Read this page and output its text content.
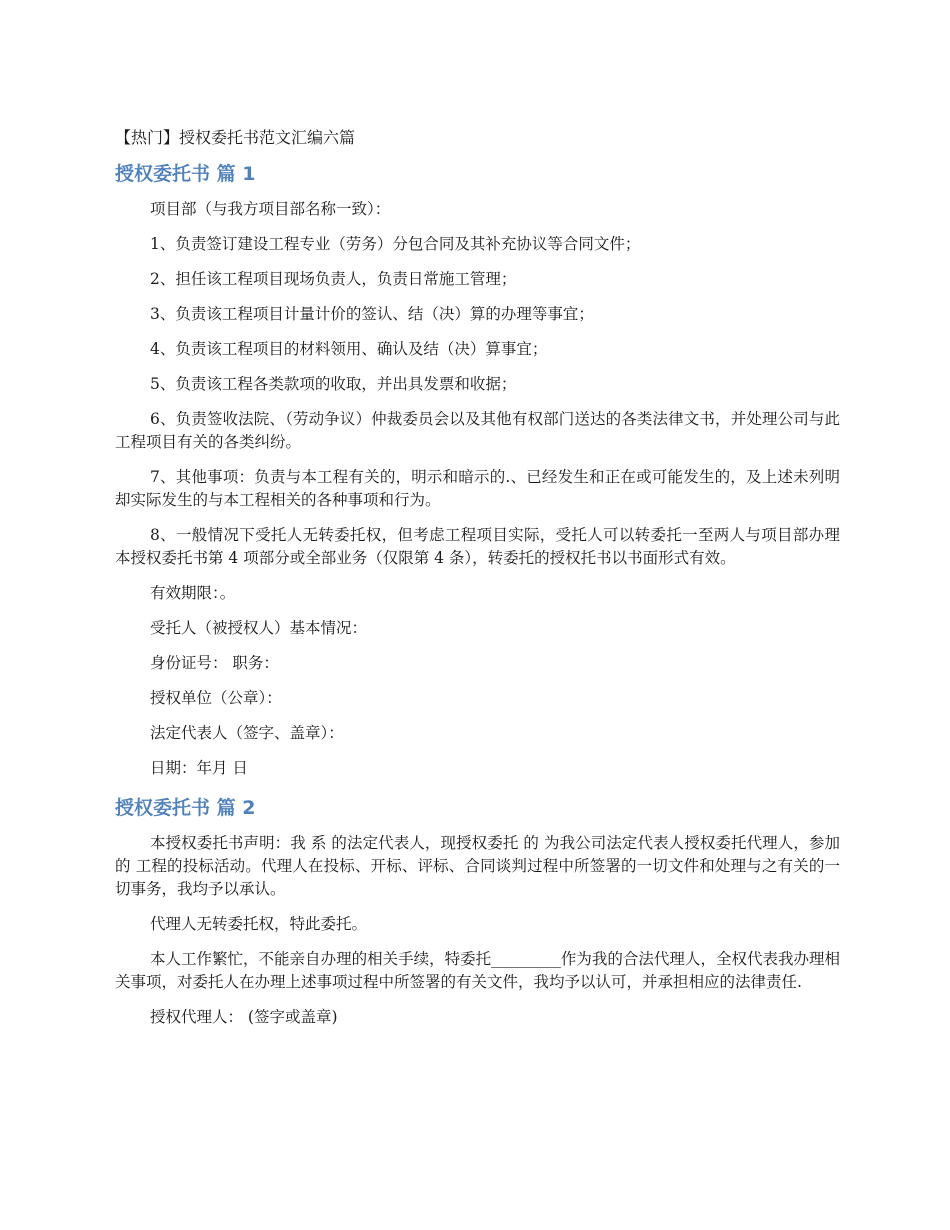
【热门】授权委托书范文汇编六篇
授权委托书 篇 1

项目部（与我方项目部名称一致）：

1、负责签订建设工程专业（劳务）分包合同及其补充协议等合同文件；

2、担任该工程项目现场负责人，负责日常施工管理；

3、负责该工程项目计量计价的签认、结（决）算的办理等事宜；

4、负责该工程项目的材料领用、确认及结（决）算事宜；

5、负责该工程各类款项的收取，并出具发票和收据；

6、负责签收法院、（劳动争议）仲裁委员会以及其他有权部门送达的各类法律文书，并处理公司与此工程项目有关的各类纠纷。

7、其他事项：负责与本工程有关的，明示和暗示的.、已经发生和正在或可能发生的，及上述未列明却实际发生的与本工程相关的各种事项和行为。

8、一般情况下受托人无转委托权，但考虑工程项目实际，受托人可以转委托一至两人与项目部办理本授权委托书第 4 项部分或全部业务（仅限第 4 条），转委托的授权托书以书面形式有效。

有效期限：。

受托人（被授权人）基本情况：

身份证号： 职务：

授权单位（公章）：

法定代表人（签字、盖章）：

日期：年月 日

授权委托书 篇 2

本授权委托书声明：我 系 的法定代表人，现授权委托 的 为我公司法定代表人授权委托代理人，参加 的 工程的投标活动。代理人在投标、开标、评标、合同谈判过程中所签署的一切文件和处理与之有关的一切事务，我均予以承认。

代理人无转委托权，特此委托。

本人工作繁忙，不能亲自办理的相关手续，特委托_________作为我的合法代理人，全权代表我办理相关事项，对委托人在办理上述事项过程中所签署的有关文件，我均予以认可，并承担相应的法律责任.

授权代理人： (签字或盖章)
